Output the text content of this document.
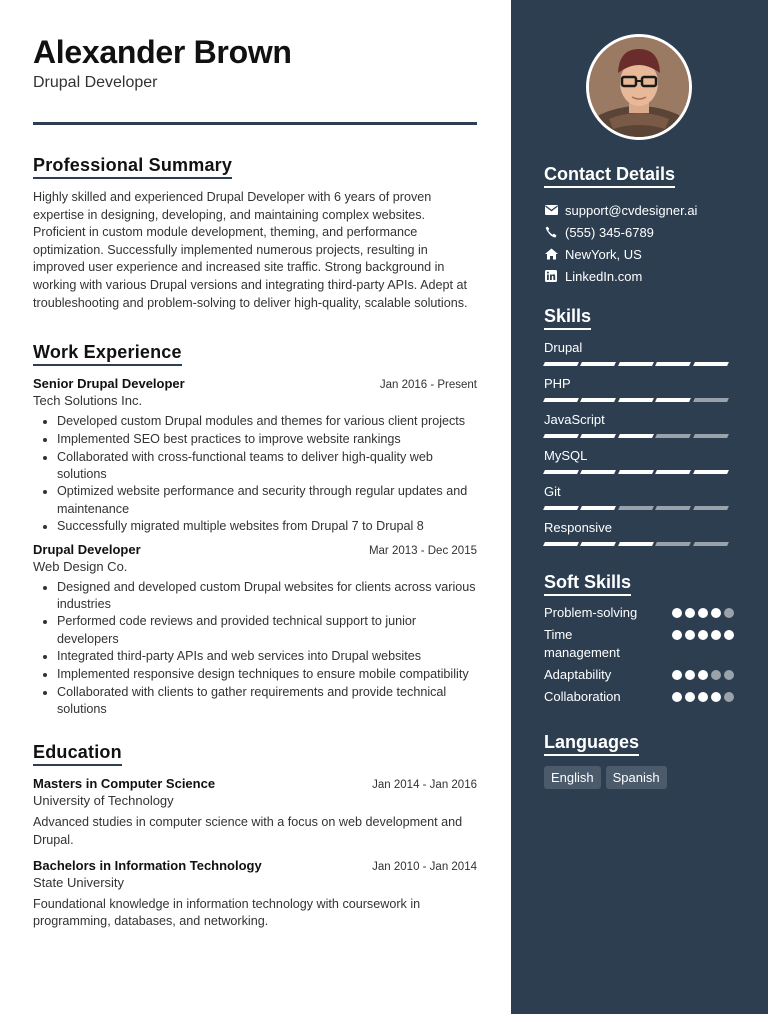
Alexander Brown
Drupal Developer
Professional Summary

Highly skilled and experienced Drupal Developer with 6 years of proven expertise in designing, developing, and maintaining complex websites. Proficient in custom module development, theming, and performance optimization. Successfully implemented numerous projects, resulting in improved user experience and increased site traffic. Strong background in working with various Drupal versions and integrating third-party APIs. Adept at troubleshooting and problem-solving to deliver high-quality, scalable solutions.

Work Experience
Senior Drupal Developer	Jan 2016 - Present
Tech Solutions Inc.
• Developed custom Drupal modules and themes for various client projects
• Implemented SEO best practices to improve website rankings
• Collaborated with cross-functional teams to deliver high-quality web solutions
• Optimized website performance and security through regular updates and maintenance
• Successfully migrated multiple websites from Drupal 7 to Drupal 8
Drupal Developer	Mar 2013 - Dec 2015
Web Design Co.
• Designed and developed custom Drupal websites for clients across various industries
• Performed code reviews and provided technical support to junior developers
• Integrated third-party APIs and web services into Drupal websites
• Implemented responsive design techniques to ensure mobile compatibility
• Collaborated with clients to gather requirements and provide technical solutions
Education
Masters in Computer Science	Jan 2014 - Jan 2016
University of Technology

Advanced studies in computer science with a focus on web development and Drupal.

Bachelors in Information Technology	Jan 2010 - Jan 2014
State University

Foundational knowledge in information technology with coursework in programming, databases, and networking.

Contact Details
support@cvdesigner.ai
(555) 345-6789
NewYork, US
LinkedIn.com
Skills
Drupal
PHP
JavaScript
MySQL
Git
Responsive
Soft Skills
Problem-solving
Time management
Adaptability
Collaboration
Languages
English	Spanish
